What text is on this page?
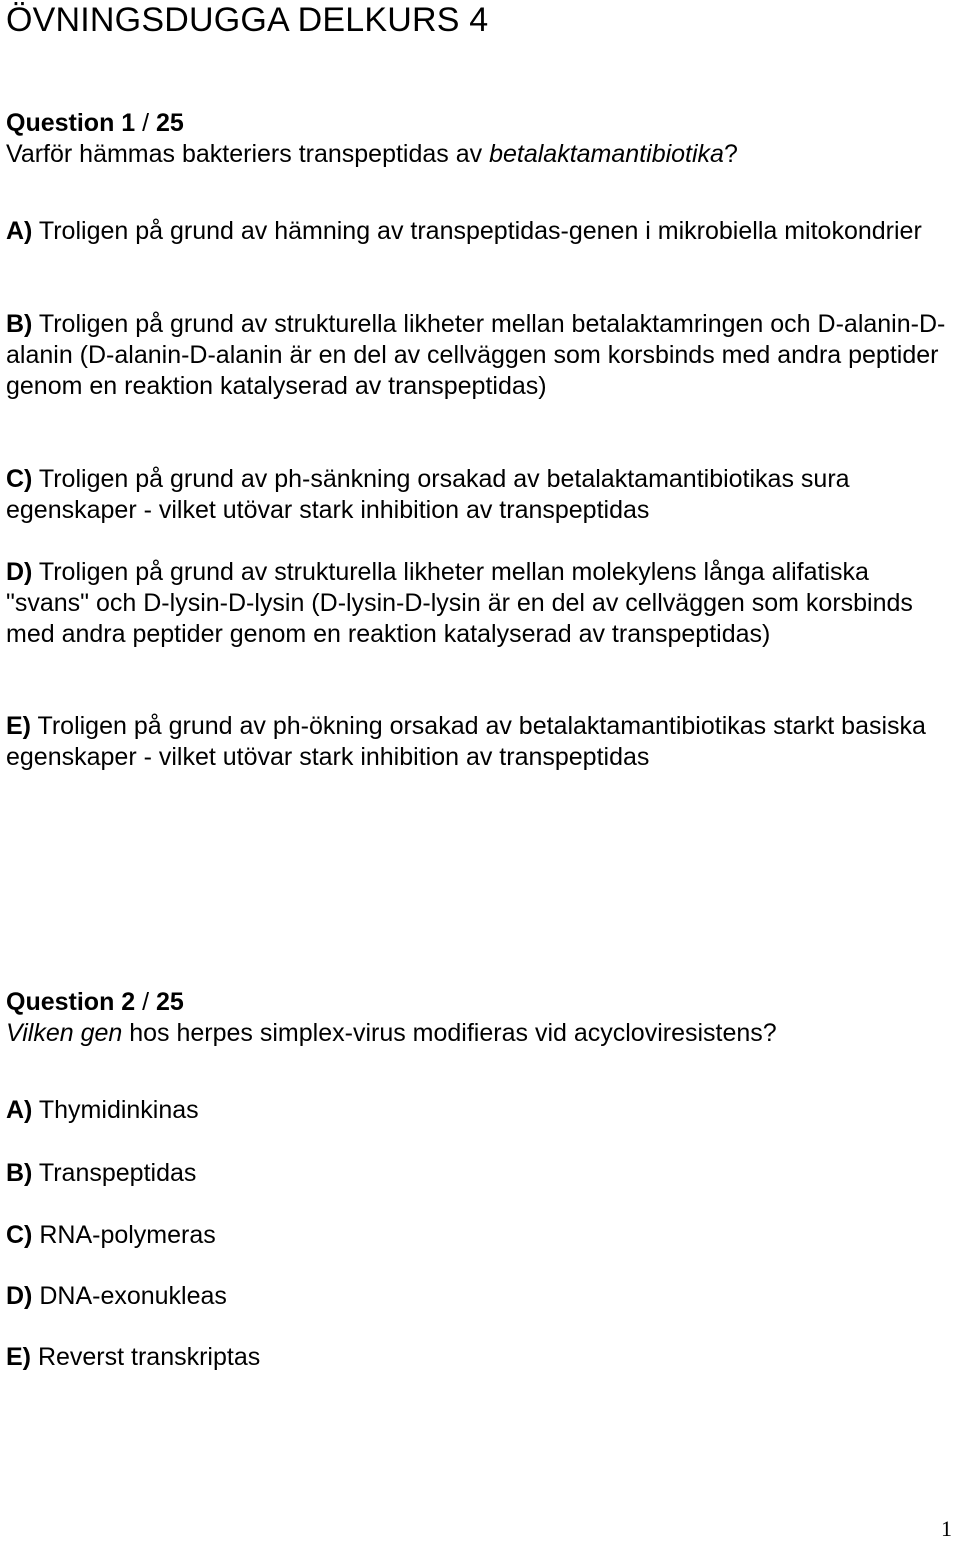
ÖVNINGSDUGGA DELKURS 4
Question 1 / 25
Varför hämmas bakteriers transpeptidas av betalaktamantibiotika?
A) Troligen på grund av hämning av transpeptidas-genen i mikrobiella mitokondrier
B) Troligen på grund av strukturella likheter mellan betalaktamringen och D-alanin-D-alanin (D-alanin-D-alanin är en del av cellväggen som korsbinds med andra peptider genom en reaktion katalyserad av transpeptidas)
C) Troligen på grund av ph-sänkning orsakad av betalaktamantibiotikas sura egenskaper - vilket utövar stark inhibition av transpeptidas
D) Troligen på grund av strukturella likheter mellan molekylens långa alifatiska "svans" och D-lysin-D-lysin (D-lysin-D-lysin är en del av cellväggen som korsbinds med andra peptider genom en reaktion katalyserad av transpeptidas)
E) Troligen på grund av ph-ökning orsakad av betalaktamantibiotikas starkt basiska egenskaper - vilket utövar stark inhibition av transpeptidas
Question 2 / 25
Vilken gen hos herpes simplex-virus modifieras vid acycloviresistens?
A) Thymidinkinas
B) Transpeptidas
C) RNA-polymeras
D) DNA-exonukleas
E) Reverst transkriptas
1
